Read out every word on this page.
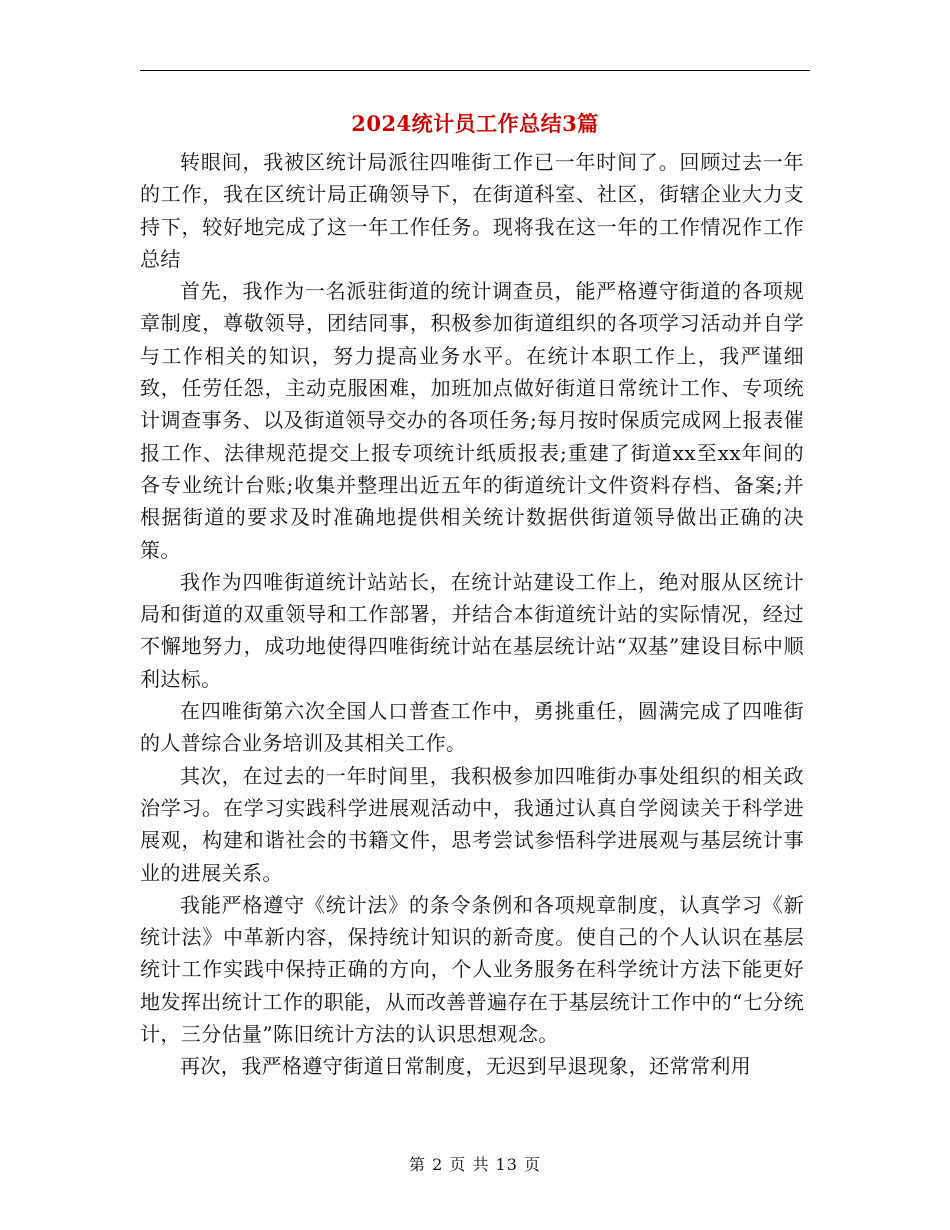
2024统计员工作总结3篇

转眼间，我被区统计局派往四唯街工作已一年时间了。回顾过去一年的工作，我在区统计局正确领导下，在街道科室、社区，街辖企业大力支持下，较好地完成了这一年工作任务。现将我在这一年的工作情况作工作总结

首先，我作为一名派驻街道的统计调查员，能严格遵守街道的各项规章制度，尊敬领导，团结同事，积极参加街道组织的各项学习活动并自学与工作相关的知识，努力提高业务水平。在统计本职工作上，我严谨细致，任劳任怨，主动克服困难，加班加点做好街道日常统计工作、专项统计调查事务、以及街道领导交办的各项任务;每月按时保质完成网上报表催报工作、法律规范提交上报专项统计纸质报表;重建了街道xx至xx年间的各专业统计台账;收集并整理出近五年的街道统计文件资料存档、备案;并根据街道的要求及时准确地提供相关统计数据供街道领导做出正确的决策。

我作为四唯街道统计站站长，在统计站建设工作上，绝对服从区统计局和街道的双重领导和工作部署，并结合本街道统计站的实际情况，经过不懈地努力，成功地使得四唯街统计站在基层统计站“双基”建设目标中顺利达标。

在四唯街第六次全国人口普查工作中，勇挑重任，圆满完成了四唯街的人普综合业务培训及其相关工作。

其次，在过去的一年时间里，我积极参加四唯街办事处组织的相关政治学习。在学习实践科学进展观活动中，我通过认真自学阅读关于科学进展观，构建和谐社会的书籍文件，思考尝试参悟科学进展观与基层统计事业的进展关系。

我能严格遵守《统计法》的条令条例和各项规章制度，认真学习《新统计法》中革新内容，保持统计知识的新奇度。使自己的个人认识在基层统计工作实践中保持正确的方向，个人业务服务在科学统计方法下能更好地发挥出统计工作的职能，从而改善普遍存在于基层统计工作中的“七分统计，三分估量”陈旧统计方法的认识思想观念。

再次，我严格遵守街道日常制度，无迟到早退现象，还常常利用

第 2 页 共 13 页
